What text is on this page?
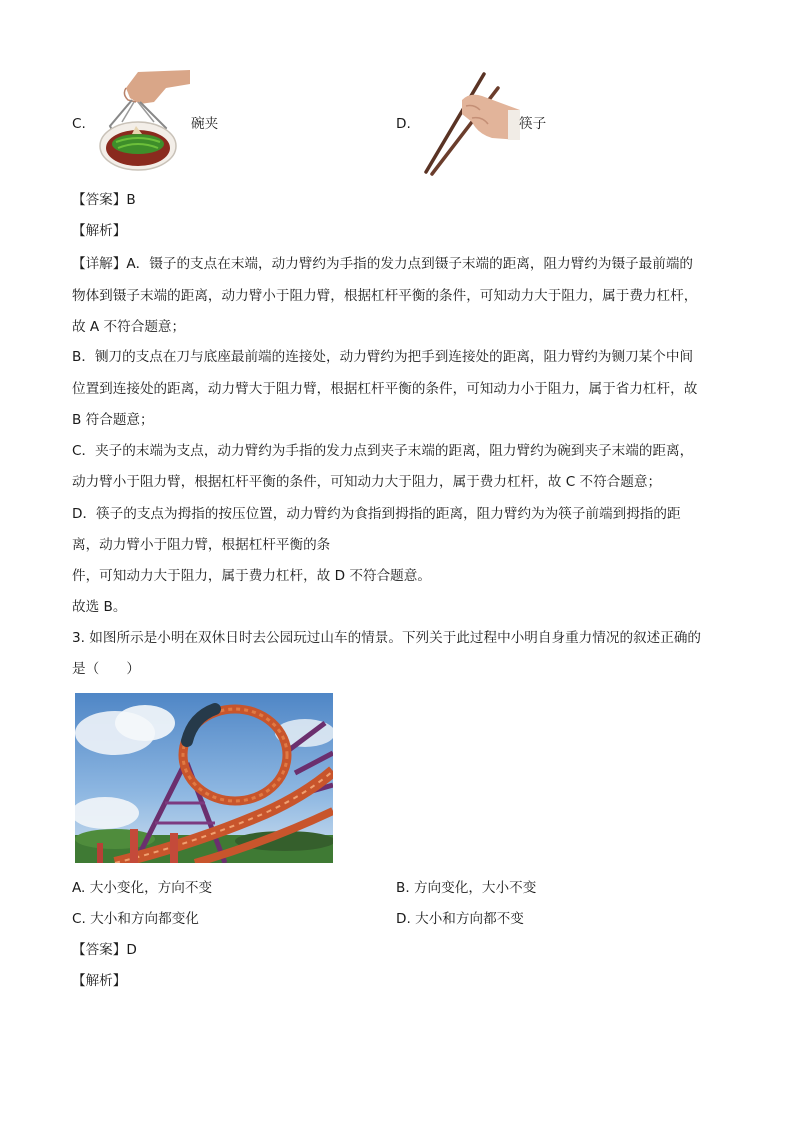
C.	碗夹	D.	筷子
【答案】B
【解析】
【详解】A．镊子的支点在末端，动力臂约为手指的发力点到镊子末端的距离，阻力臂约为镊子最前端的
物体到镊子末端的距离，动力臂小于阻力臂，根据杠杆平衡的条件，可知动力大于阻力，属于费力杠杆，
故 A 不符合题意；
B．铡刀的支点在刀与底座最前端的连接处，动力臂约为把手到连接处的距离，阻力臂约为铡刀某个中间
位置到连接处的距离，动力臂大于阻力臂，根据杠杆平衡的条件，可知动力小于阻力，属于省力杠杆，故
B 符合题意；
C．夹子的末端为支点，动力臂约为手指的发力点到夹子末端的距离，阻力臂约为碗到夹子末端的距离，
动力臂小于阻力臂，根据杠杆平衡的条件，可知动力大于阻力，属于费力杠杆，故 C 不符合题意；
D．筷子的支点为拇指的按压位置，动力臂约为食指到拇指的距离，阻力臂约为为筷子前端到拇指的距
离，动力臂小于阻力臂，根据杠杆平衡的条
件，可知动力大于阻力，属于费力杠杆，故 D 不符合题意。
故选 B。
3. 如图所示是小明在双休日时去公园玩过山车的情景。下列关于此过程中小明自身重力情况的叙述正确的
是（　　）
A. 大小变化，方向不变	B. 方向变化，大小不变
C. 大小和方向都变化	D. 大小和方向都不变
【答案】D
【解析】
